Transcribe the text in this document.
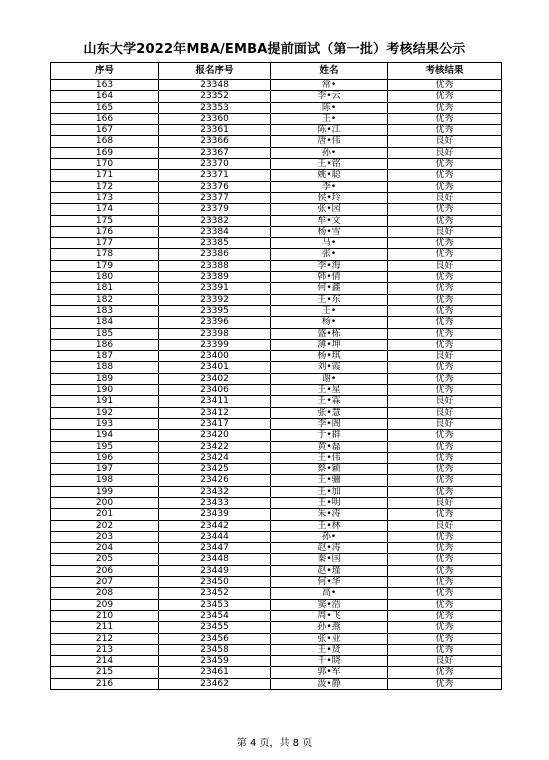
山东大学2022年MBA/EMBA提前面试（第一批）考核结果公示
序号	报名序号	姓名	考核结果
163	23348	常•	优秀
164	23352	李•云	优秀
165	23353	陈•	优秀
166	23360	王•	优秀
167	23361	陈•江	优秀
168	23366	唐•伟	良好
169	23367	孙•	良好
170	23370	王•铭	优秀
171	23371	姚•聪	优秀
172	23376	李•	优秀
173	23377	侯•玲	良好
174	23379	张•园	优秀
175	23382	牟•文	优秀
176	23384	杨•雪	良好
177	23385	马•	优秀
178	23386	张•	优秀
179	23388	李•海	良好
180	23389	韩•倩	优秀
181	23391	何•鑫	优秀
182	23392	王•东	优秀
183	23395	王•	优秀
184	23396	杨•	优秀
185	23398	盛•栋	优秀
186	23399	薄•坤	优秀
187	23400	杨•琪	良好
188	23401	刘•霞	优秀
189	23402	谢•	优秀
190	23406	王•星	优秀
191	23411	王•霖	良好
192	23412	张•慧	良好
193	23417	李•阁	良好
194	23420	于•群	优秀
195	23422	黄•磊	优秀
196	23424	王•伟	优秀
197	23425	蔡•颖	优秀
198	23426	王•骊	优秀
199	23432	王•加	优秀
200	23433	王•明	良好
201	23439	朱•涛	优秀
202	23442	王•林	良好
203	23444	孙•	优秀
204	23447	赵•涛	优秀
205	23448	秦•国	优秀
206	23449	赵•瑾	优秀
207	23450	何•华	优秀
208	23452	高•	优秀
209	23453	窦•浩	优秀
210	23454	周•飞	优秀
211	23455	孙•燕	优秀
212	23456	张•业	优秀
213	23458	王•贤	优秀
214	23459	千•晓	良好
215	23461	郭•军	优秀
216	23462	汲•静	优秀
第 4 页，共 8 页
